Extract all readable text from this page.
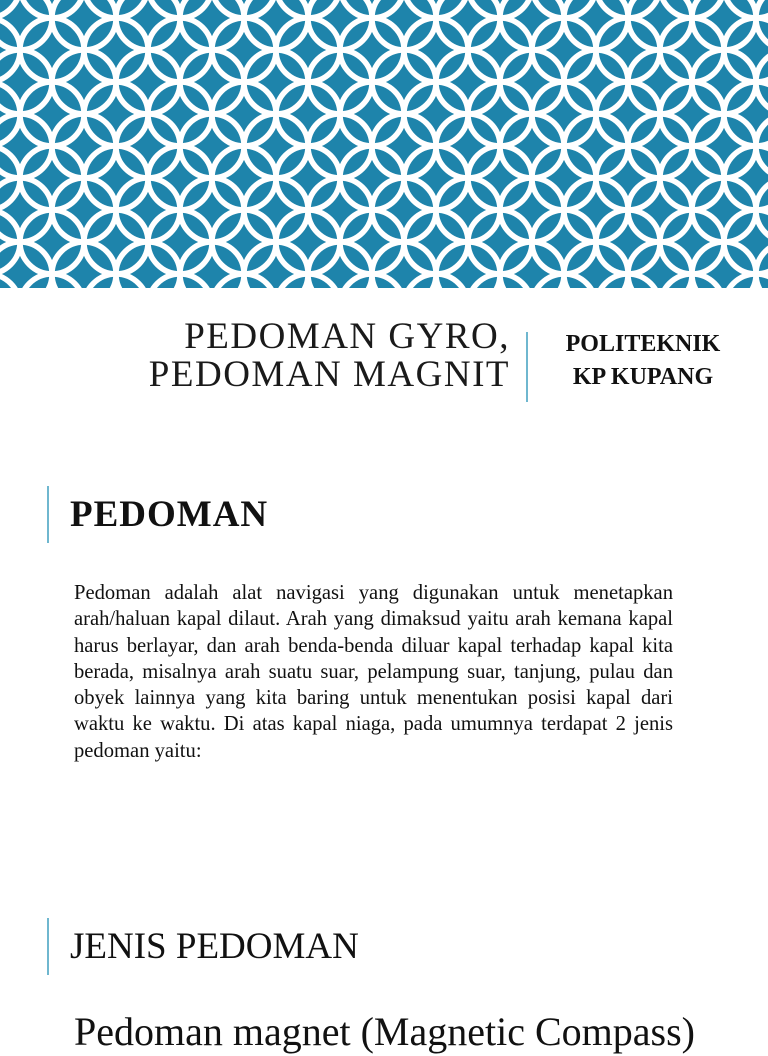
PEDOMAN GYRO,
PEDOMAN MAGNIT
POLITEKNIK
KP KUPANG
PEDOMAN
Pedoman adalah alat navigasi yang digunakan untuk menetapkan arah/haluan kapal dilaut. Arah yang dimaksud yaitu arah kemana kapal harus berlayar, dan arah benda-benda diluar kapal terhadap kapal kita berada, misalnya arah suatu suar, pelampung suar, tanjung, pulau dan obyek lainnya yang kita baring untuk menentukan posisi kapal dari waktu ke waktu. Di atas kapal niaga, pada umumnya terdapat 2 jenis pedoman yaitu:
JENIS PEDOMAN
Pedoman magnet (Magnetic Compass)
